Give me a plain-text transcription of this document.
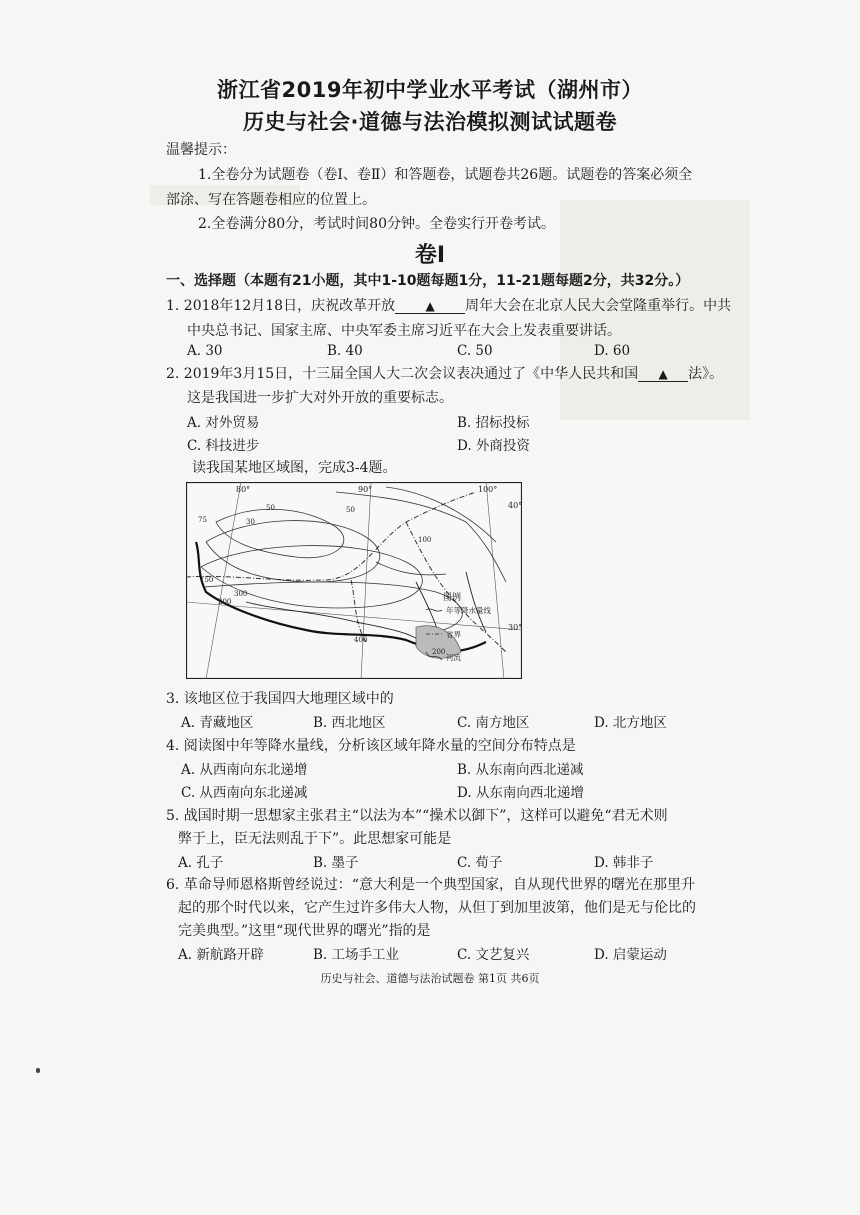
浙江省2019年初中学业水平考试（湖州市）
历史与社会·道德与法治模拟测试试题卷
温馨提示：
1.全卷分为试题卷（卷Ⅰ、卷Ⅱ）和答题卷，试题卷共26题。试题卷的答案必须全
部涂、写在答题卷相应的位置上。
2.全卷满分80分，考试时间80分钟。全卷实行开卷考试。
卷Ⅰ
一、选择题（本题有21小题，其中1-10题每题1分，11-21题每题2分，共32分。）
1. 2018年12月18日，庆祝改革开放	▲ 周年大会在北京人民大会堂隆重举行。中共
中央总书记、国家主席、中央军委主席习近平在大会上发表重要讲话。
A. 30	B. 40	C. 50	D. 60
2. 2019年3月15日，十三届全国人大二次会议表决通过了《中华人民共和国 ▲ 法》。
这是我国进一步扩大对外开放的重要标志。
A. 对外贸易	B. 招标投标
C. 科技进步	D. 外商投资
读我国某地区域图，完成3-4题。
80°	90°	100°
40°
30°
30
50
75
150
200
300
400
200
100
50
图例
年等降水量线
省界
河流
3. 该地区位于我国四大地理区域中的
A. 青藏地区	B. 西北地区	C. 南方地区	D. 北方地区
4. 阅读图中年等降水量线，分析该区域年降水量的空间分布特点是
A. 从西南向东北递增	B. 从东南向西北递减
C. 从西南向东北递减	D. 从东南向西北递增
5. 战国时期一思想家主张君主“以法为本”“操术以御下”，这样可以避免“君无术则
弊于上，臣无法则乱于下”。此思想家可能是
A. 孔子	B. 墨子	C. 荀子	D. 韩非子
6. 革命导师恩格斯曾经说过：“意大利是一个典型国家，自从现代世界的曙光在那里升
起的那个时代以来，它产生过许多伟大人物，从但丁到加里波第，他们是无与伦比的
完美典型。”这里“现代世界的曙光”指的是
A. 新航路开辟	B. 工场手工业	C. 文艺复兴	D. 启蒙运动
历史与社会、道德与法治试题卷 第1页 共6页
